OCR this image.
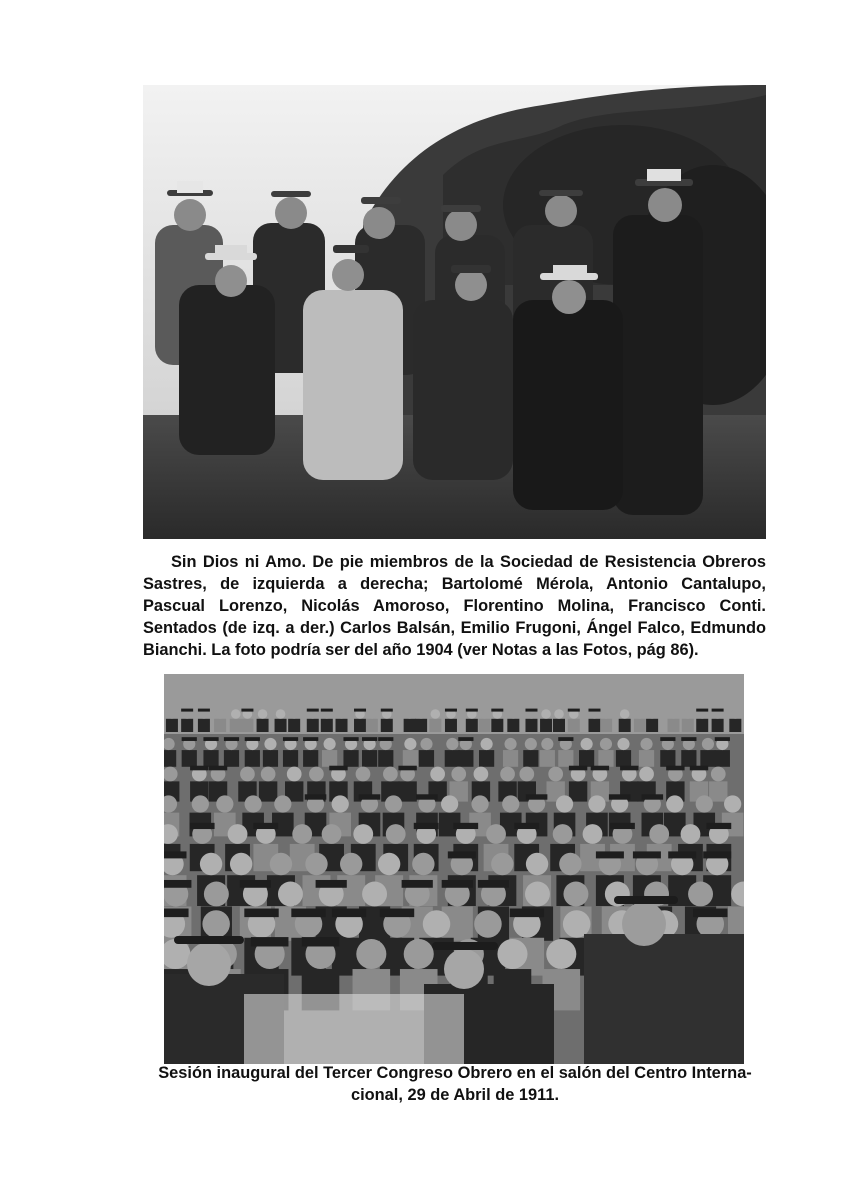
Sin Dios ni Amo. De pie miembros de la Sociedad de Resistencia Obreros
Sastres, de izquierda a derecha; Bartolomé Mérola, Antonio Cantalupo,
Pascual Lorenzo, Nicolás Amoroso, Florentino Molina, Francisco Conti.
Sentados (de izq. a der.) Carlos Balsán, Emilio Frugoni, Ángel Falco, Edmundo
Bianchi. La foto podría ser del año 1904 (ver Notas a las Fotos, pág 86).
Sesión inaugural del Tercer Congreso Obrero en el salón del Centro Interna-
cional, 29 de Abril de 1911.
